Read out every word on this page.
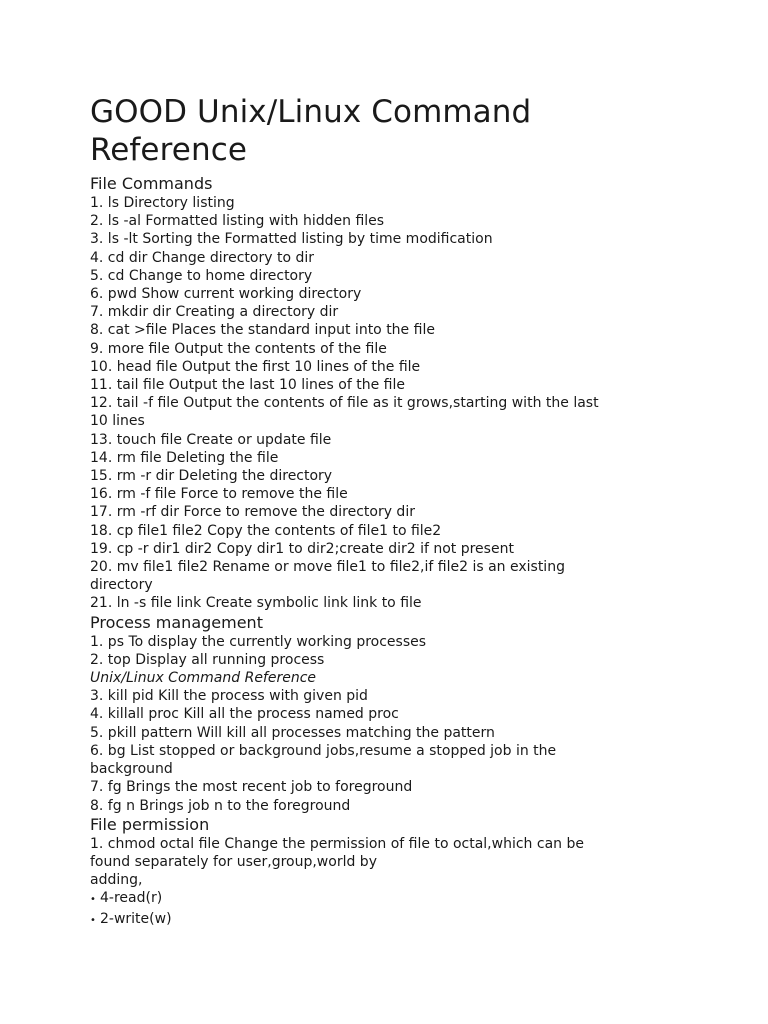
GOOD Unix/Linux Command Reference
File Commands

1. ls Directory listing

2. ls -al Formatted listing with hidden files

3. ls -lt Sorting the Formatted listing by time modification

4. cd dir Change directory to dir

5. cd Change to home directory

6. pwd Show current working directory

7. mkdir dir Creating a directory dir

8. cat >file Places the standard input into the file

9. more file Output the contents of the file

10. head file Output the first 10 lines of the file

11. tail file Output the last 10 lines of the file

12. tail -f file Output the contents of file as it grows,starting with the last 10 lines

13. touch file Create or update file

14. rm file Deleting the file

15. rm -r dir Deleting the directory

16. rm -f file Force to remove the file

17. rm -rf dir Force to remove the directory dir

18. cp file1 file2 Copy the contents of file1 to file2

19. cp -r dir1 dir2 Copy dir1 to dir2;create dir2 if not present

20. mv file1 file2 Rename or move file1 to file2,if file2 is an existing directory

21. ln -s file link Create symbolic link link to file

Process management

1. ps To display the currently working processes

2. top Display all running process

Unix/Linux Command Reference

3. kill pid Kill the process with given pid

4. killall proc Kill all the process named proc

5. pkill pattern Will kill all processes matching the pattern

6. bg List stopped or background jobs,resume a stopped job in the background

7. fg Brings the most recent job to foreground

8. fg n Brings job n to the foreground

File permission

1. chmod octal file Change the permission of file to octal,which can be found separately for user,group,world by

adding,

• 4-read(r)
• 2-write(w)
